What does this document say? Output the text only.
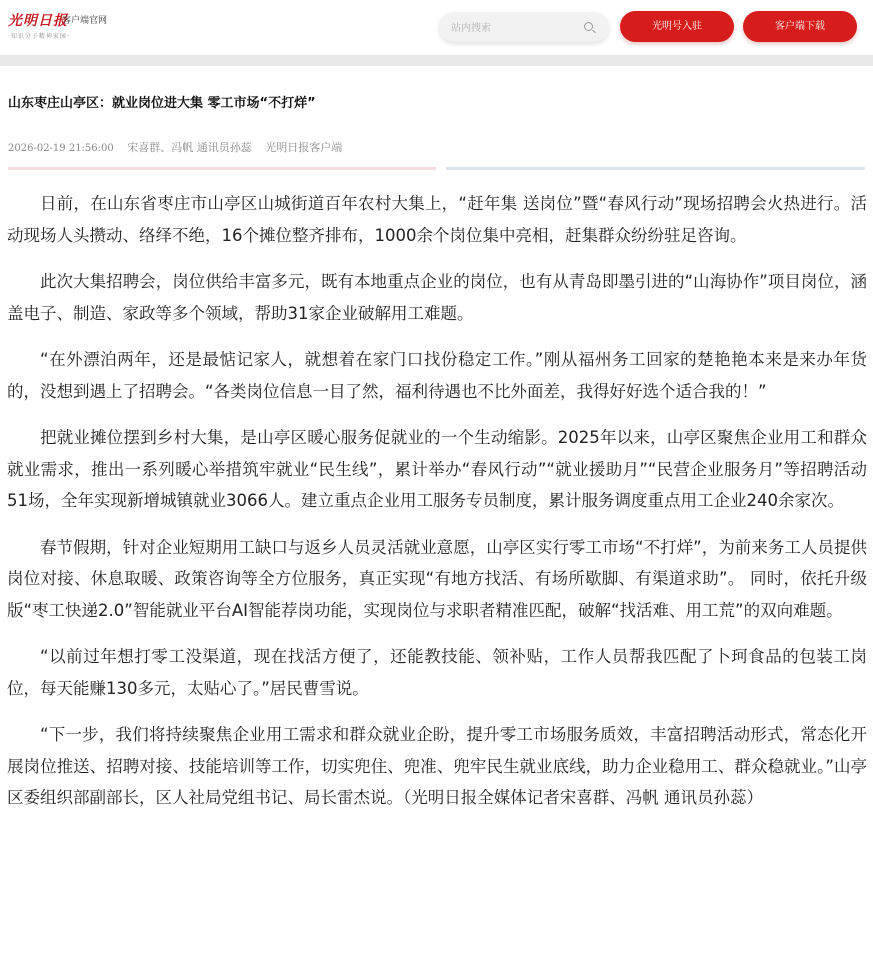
光明日报
客户端官网
·知识分子精神家园·
站内搜索
光明号入驻	客户端下载
山东枣庄山亭区：就业岗位进大集 零工市场“不打烊”
2026-02-19 21:56:00 宋喜群、冯帆 通讯员孙蕊 光明日报客户端

日前，在山东省枣庄市山亭区山城街道百年农村大集上，“赶年集 送岗位”暨“春风行动”现场招聘会火热进行。活动现场人头攒动、络绎不绝，16个摊位整齐排布，1000余个岗位集中亮相，赶集群众纷纷驻足咨询。

此次大集招聘会，岗位供给丰富多元，既有本地重点企业的岗位，也有从青岛即墨引进的“山海协作”项目岗位，涵盖电子、制造、家政等多个领域，帮助31家企业破解用工难题。

“在外漂泊两年，还是最惦记家人，就想着在家门口找份稳定工作。”刚从福州务工回家的楚艳艳本来是来办年货的，没想到遇上了招聘会。“各类岗位信息一目了然，福利待遇也不比外面差，我得好好选个适合我的！”

把就业摊位摆到乡村大集，是山亭区暖心服务促就业的一个生动缩影。2025年以来，山亭区聚焦企业用工和群众就业需求，推出一系列暖心举措筑牢就业“民生线”，累计举办“春风行动”“就业援助月”“民营企业服务月”等招聘活动51场，全年实现新增城镇就业3066人。建立重点企业用工服务专员制度，累计服务调度重点用工企业240余家次。

春节假期，针对企业短期用工缺口与返乡人员灵活就业意愿，山亭区实行零工市场“不打烊”，为前来务工人员提供岗位对接、休息取暖、政策咨询等全方位服务，真正实现“有地方找活、有场所歇脚、有渠道求助”。 同时，依托升级版“枣工快递2.0”智能就业平台AI智能荐岗功能，实现岗位与求职者精准匹配，破解“找活难、用工荒”的双向难题。

“以前过年想打零工没渠道，现在找活方便了，还能教技能、领补贴，工作人员帮我匹配了卜珂食品的包装工岗位，每天能赚130多元，太贴心了。”居民曹雪说。

“下一步，我们将持续聚焦企业用工需求和群众就业企盼，提升零工市场服务质效，丰富招聘活动形式，常态化开展岗位推送、招聘对接、技能培训等工作，切实兜住、兜准、兜牢民生就业底线，助力企业稳用工、群众稳就业。”山亭区委组织部副部长，区人社局党组书记、局长雷杰说。（光明日报全媒体记者宋喜群、冯帆 通讯员孙蕊）
